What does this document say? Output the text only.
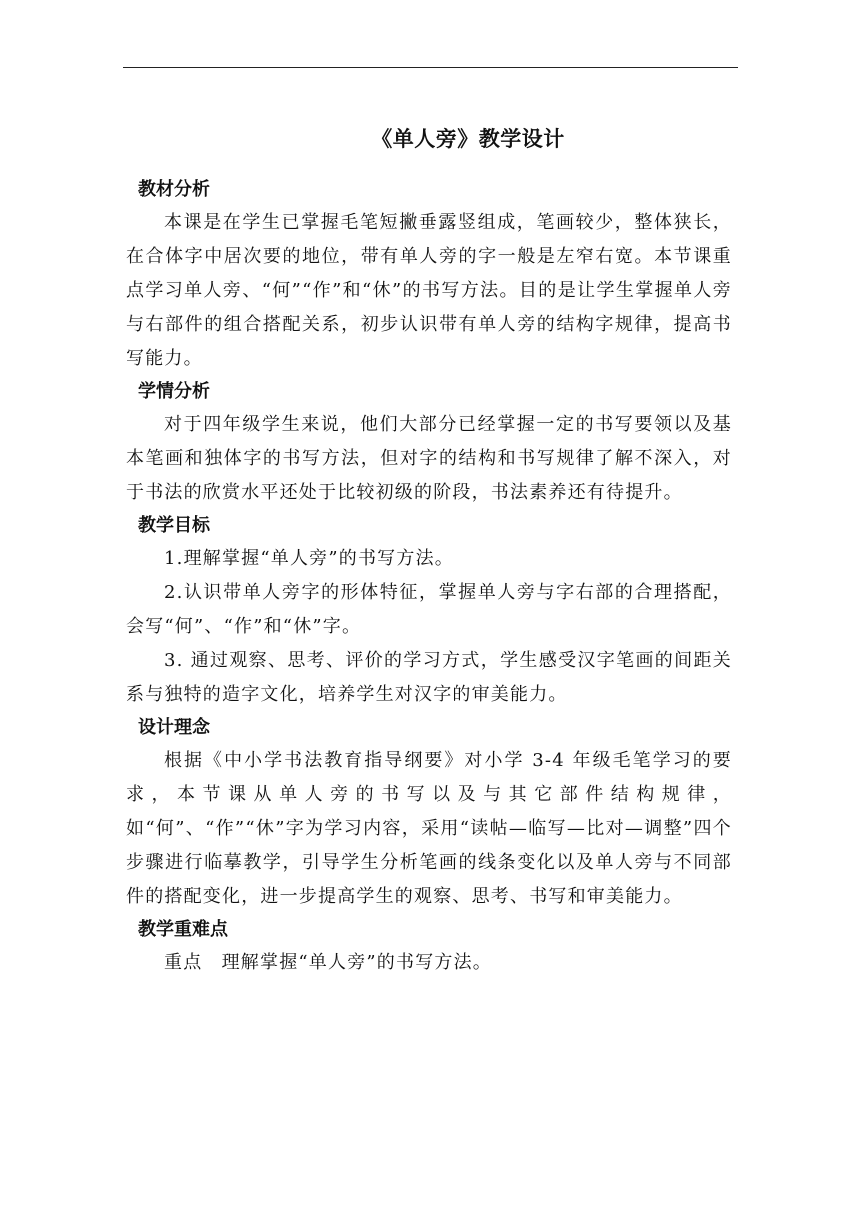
《单人旁》教学设计
教材分析

本课是在学生已掌握毛笔短撇垂露竖组成，笔画较少，整体狭长，在合体字中居次要的地位，带有单人旁的字一般是左窄右宽。本节课重点学习单人旁、“何”“作”和“休”的书写方法。目的是让学生掌握单人旁与右部件的组合搭配关系，初步认识带有单人旁的结构字规律，提高书写能力。

学情分析

对于四年级学生来说，他们大部分已经掌握一定的书写要领以及基本笔画和独体字的书写方法，但对字的结构和书写规律了解不深入，对于书法的欣赏水平还处于比较初级的阶段，书法素养还有待提升。

教学目标

1.理解掌握“单人旁”的书写方法。

2.认识带单人旁字的形体特征，掌握单人旁与字右部的合理搭配，会写“何”、“作”和“休”字。

3. 通过观察、思考、评价的学习方式，学生感受汉字笔画的间距关系与独特的造字文化，培养学生对汉字的审美能力。

设计理念

根据《中小学书法教育指导纲要》对小学 3-4 年级毛笔学习的要求，本节课从单人旁的书写以及与其它部件结构规律，如“何”、“作”“休”字为学习内容，采用“读帖—临写—比对—调整”四个步骤进行临摹教学，引导学生分析笔画的线条变化以及单人旁与不同部件的搭配变化，进一步提高学生的观察、思考、书写和审美能力。

教学重难点

重点　理解掌握“单人旁”的书写方法。
